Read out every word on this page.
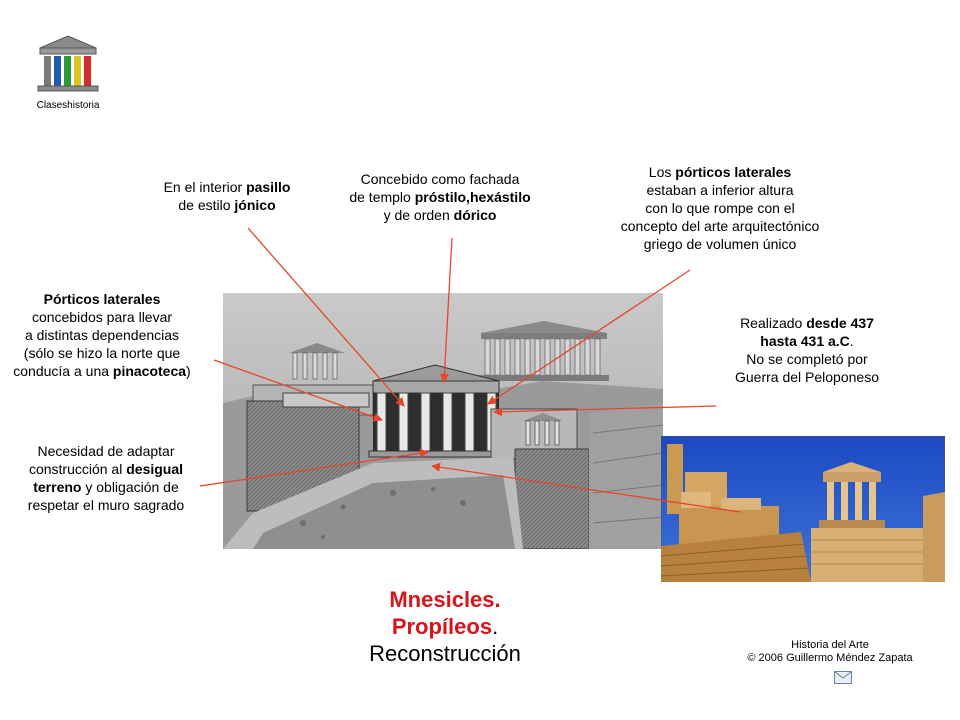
Claseshistoria
En el interior pasillo
de estilo jónico
Concebido como fachada
de templo próstilo,hexástilo
y de orden dórico
Los pórticos laterales
estaban a inferior altura
con lo que rompe con el
concepto del arte arquitectónico
griego de volumen único
Pórticos laterales
concebidos para llevar
a distintas dependencias
(sólo se hizo la norte que
conducía a una pinacoteca)
Realizado desde 437
hasta 431 a.C.
No se completó por
Guerra del Peloponeso
Necesidad de adaptar
construcción al desigual
terreno y obligación de
respetar el muro sagrado
Mnesicles.
Propíleos.
Reconstrucción	Historia del Arte
© 2006 Guillermo Méndez Zapata
